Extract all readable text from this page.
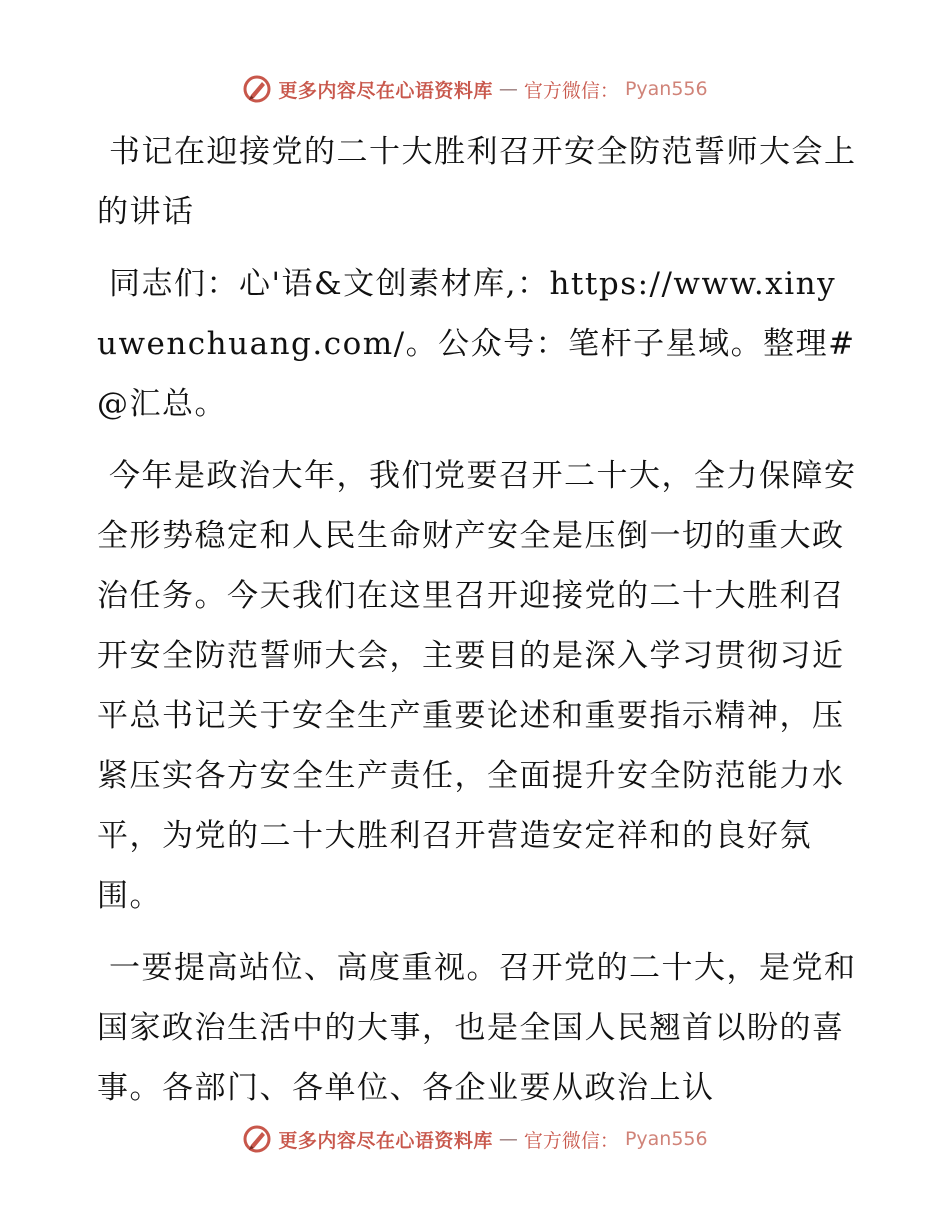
更多内容尽在心语资料库 — 官方微信： Pyan556

书记在迎接党的二十大胜利召开安全防范誓师大会上的讲话

同志们：心'语&文创素材库,：https://www.xinyuwenchuang.com/。公众号：笔杆子星域。整理#@汇总。

今年是政治大年，我们党要召开二十大，全力保障安全形势稳定和人民生命财产安全是压倒一切的重大政治任务。今天我们在这里召开迎接党的二十大胜利召开安全防范誓师大会，主要目的是深入学习贯彻习近平总书记关于安全生产重要论述和重要指示精神，压紧压实各方安全生产责任，全面提升安全防范能力水平，为党的二十大胜利召开营造安定祥和的良好氛围。

一要提高站位、高度重视。召开党的二十大，是党和国家政治生活中的大事，也是全国人民翘首以盼的喜事。各部门、各单位、各企业要从政治上认

更多内容尽在心语资料库 — 官方微信： Pyan556
